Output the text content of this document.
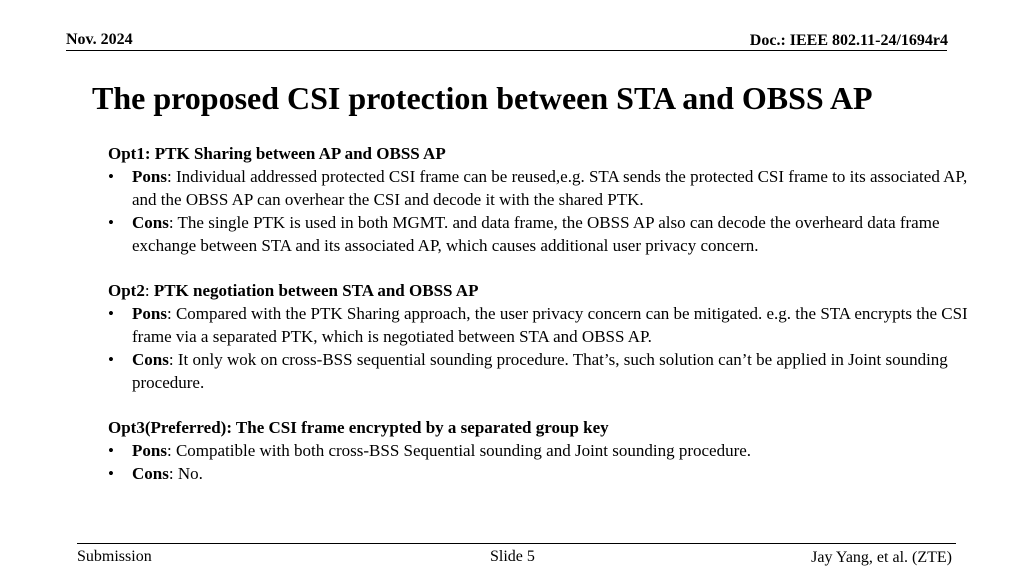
Nov. 2024	Doc.: IEEE 802.11-24/1694r4
The proposed CSI protection between STA and OBSS AP
Opt1: PTK Sharing between AP and OBSS AP
• Pons: Individual addressed protected CSI frame can be reused,e.g. STA sends the protected CSI frame to its associated AP, and the OBSS AP can overhear the CSI and decode it with the shared PTK.
• Cons: The single PTK is used in both MGMT. and data frame, the OBSS AP also can decode the overheard data frame exchange between STA and its associated AP, which causes additional user privacy concern.
Opt2: PTK negotiation between STA and OBSS AP
• Pons: Compared with the PTK Sharing approach, the user privacy concern can be mitigated. e.g. the STA encrypts the CSI frame via a separated PTK, which is negotiated between STA and OBSS AP.
• Cons: It only wok on cross-BSS sequential sounding procedure. That’s, such solution can’t be applied in Joint sounding procedure.
Opt3(Preferred): The CSI frame encrypted by a separated group key
• Pons: Compatible with both cross-BSS Sequential sounding and Joint sounding procedure.
• Cons: No.
Submission	Slide 5	Jay Yang, et al. (ZTE)
